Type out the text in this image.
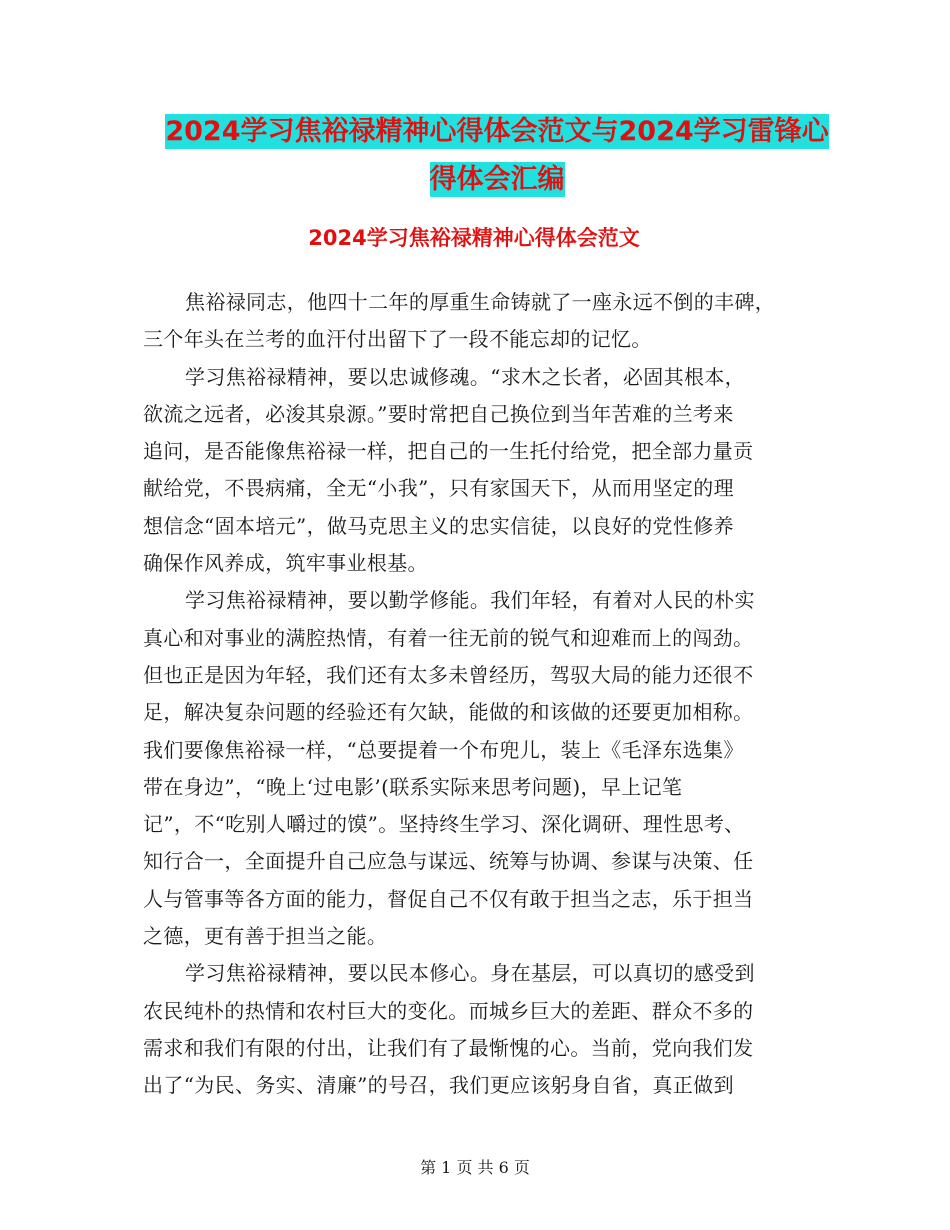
2024学习焦裕禄精神心得体会范文与2024学习雷锋心
得体会汇编
2024学习焦裕禄精神心得体会范文
焦裕禄同志，他四十二年的厚重生命铸就了一座永远不倒的丰碑，
三个年头在兰考的血汗付出留下了一段不能忘却的记忆。
学习焦裕禄精神，要以忠诚修魂。“求木之长者，必固其根本，
欲流之远者，必浚其泉源。”要时常把自己换位到当年苦难的兰考来
追问，是否能像焦裕禄一样，把自己的一生托付给党，把全部力量贡
献给党，不畏病痛，全无“小我”，只有家国天下，从而用坚定的理
想信念“固本培元”，做马克思主义的忠实信徒，以良好的党性修养
确保作风养成，筑牢事业根基。
学习焦裕禄精神，要以勤学修能。我们年轻，有着对人民的朴实
真心和对事业的满腔热情，有着一往无前的锐气和迎难而上的闯劲。
但也正是因为年轻，我们还有太多未曾经历，驾驭大局的能力还很不
足，解决复杂问题的经验还有欠缺，能做的和该做的还要更加相称。
我们要像焦裕禄一样，“总要提着一个布兜儿，装上《毛泽东选集》
带在身边”，“晚上‘过电影’(联系实际来思考问题)，早上记笔
记”，不“吃别人嚼过的馍”。坚持终生学习、深化调研、理性思考、
知行合一，全面提升自己应急与谋远、统筹与协调、参谋与决策、任
人与管事等各方面的能力，督促自己不仅有敢于担当之志，乐于担当
之德，更有善于担当之能。
学习焦裕禄精神，要以民本修心。身在基层，可以真切的感受到
农民纯朴的热情和农村巨大的变化。而城乡巨大的差距、群众不多的
需求和我们有限的付出，让我们有了最惭愧的心。当前，党向我们发
出了“为民、务实、清廉”的号召，我们更应该躬身自省，真正做到
第 1 页 共 6 页
